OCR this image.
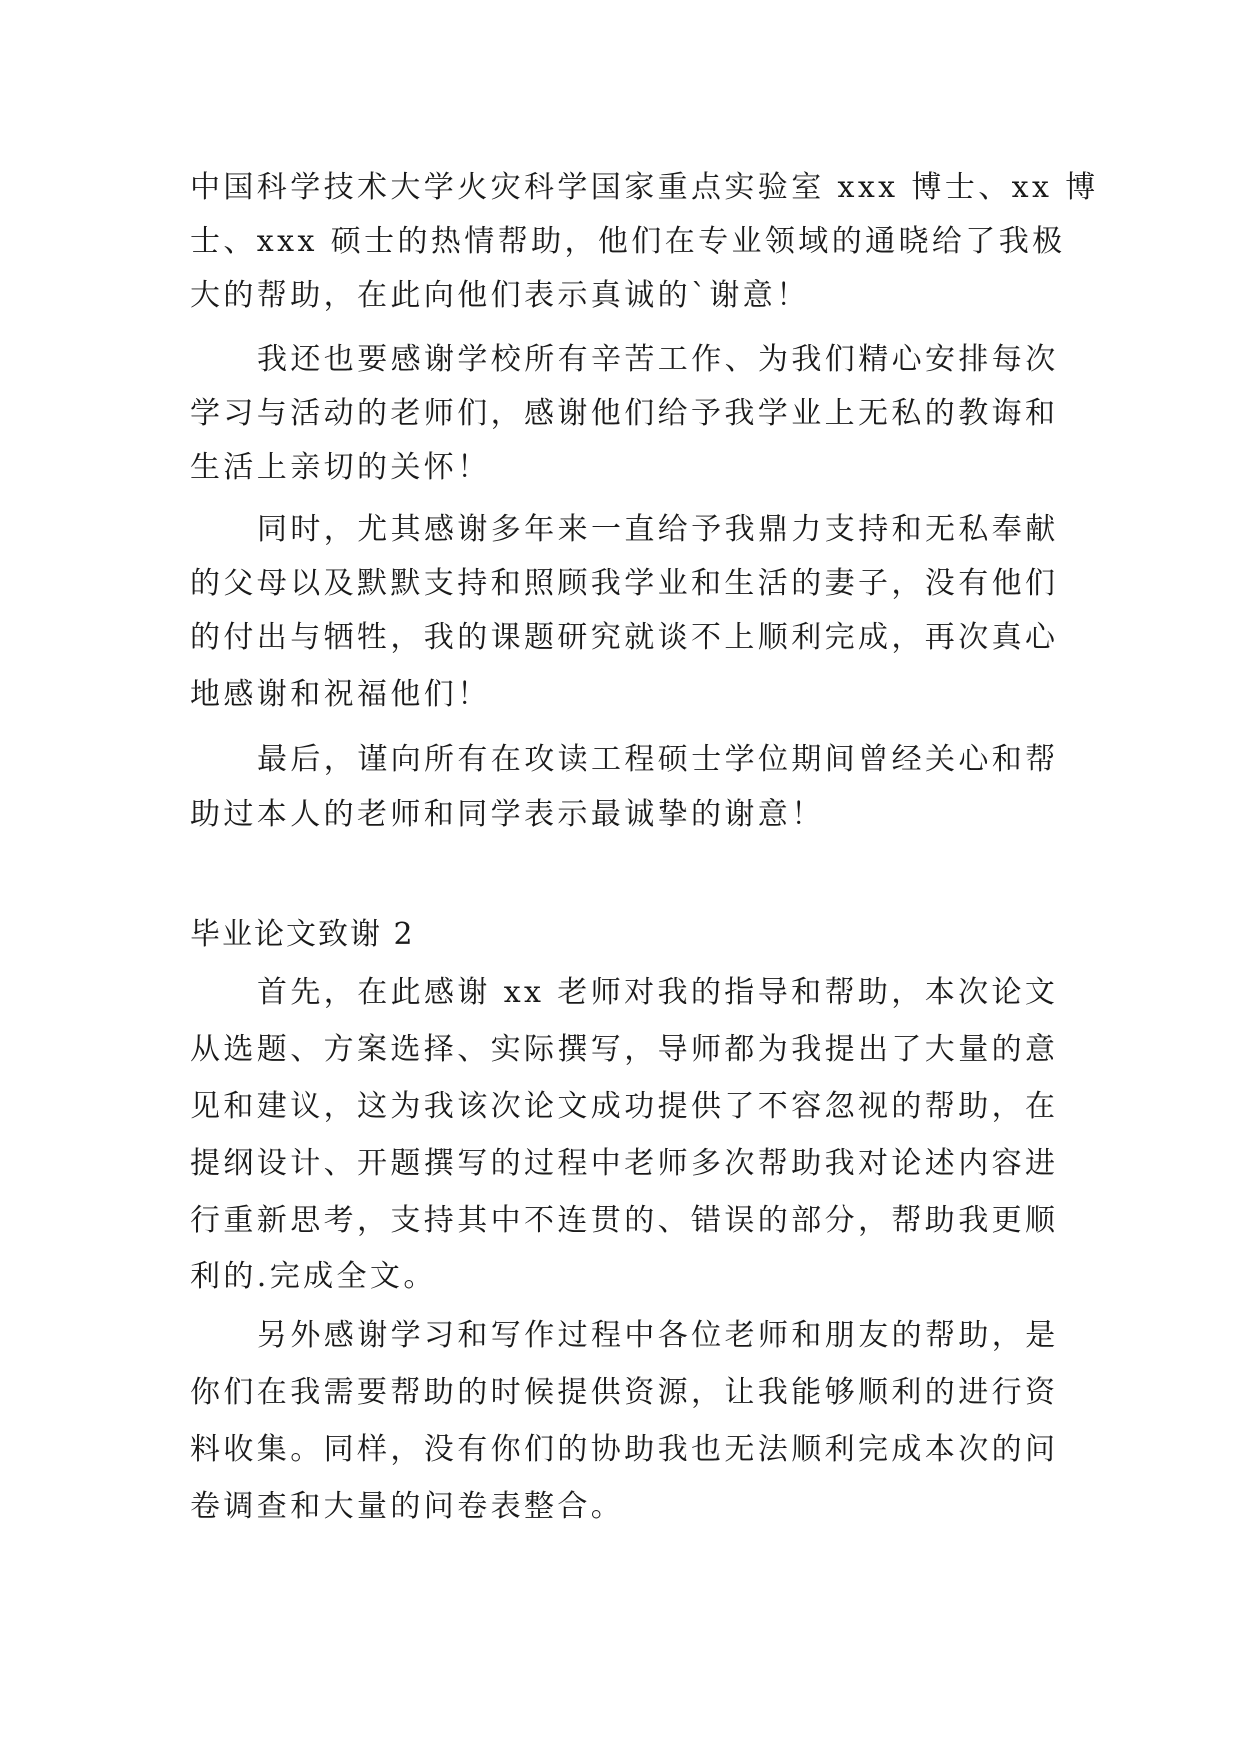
中国科学技术大学火灾科学国家重点实验室 xxx 博士、xx 博
士、xxx 硕士的热情帮助，他们在专业领域的通晓给了我极
大的帮助，在此向他们表示真诚的`谢意！
我还也要感谢学校所有辛苦工作、为我们精心安排每次
学习与活动的老师们，感谢他们给予我学业上无私的教诲和
生活上亲切的关怀！
同时，尤其感谢多年来一直给予我鼎力支持和无私奉献
的父母以及默默支持和照顾我学业和生活的妻子，没有他们
的付出与牺牲，我的课题研究就谈不上顺利完成，再次真心
地感谢和祝福他们！
最后，谨向所有在攻读工程硕士学位期间曾经关心和帮
助过本人的老师和同学表示最诚挚的谢意！
毕业论文致谢 2
首先，在此感谢 xx 老师对我的指导和帮助，本次论文
从选题、方案选择、实际撰写，导师都为我提出了大量的意
见和建议，这为我该次论文成功提供了不容忽视的帮助，在
提纲设计、开题撰写的过程中老师多次帮助我对论述内容进
行重新思考，支持其中不连贯的、错误的部分，帮助我更顺
利的.完成全文。
另外感谢学习和写作过程中各位老师和朋友的帮助，是
你们在我需要帮助的时候提供资源，让我能够顺利的进行资
料收集。同样，没有你们的协助我也无法顺利完成本次的问
卷调查和大量的问卷表整合。
